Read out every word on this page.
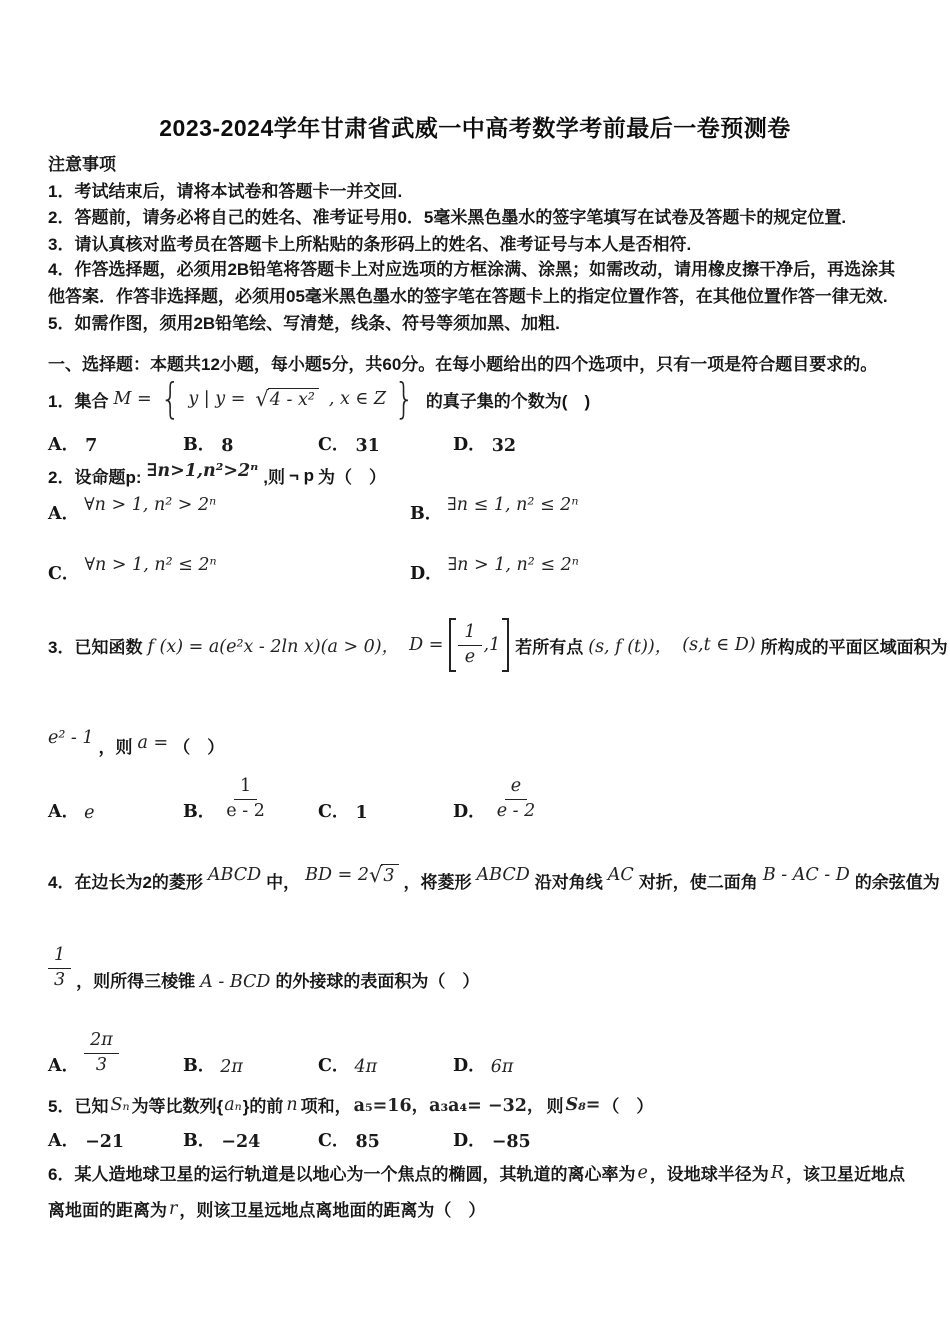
2023-2024学年甘肃省武威一中高考数学考前最后一卷预测卷
注意事项
1．考试结束后，请将本试卷和答题卡一并交回.
2．答题前，请务必将自己的姓名、准考证号用0．5毫米黑色墨水的签字笔填写在试卷及答题卡的规定位置.
3．请认真核对监考员在答题卡上所粘贴的条形码上的姓名、准考证号与本人是否相符.
4．作答选择题，必须用2B铅笔将答题卡上对应选项的方框涂满、涂黑；如需改动，请用橡皮擦干净后，再选涂其他答案．作答非选择题，必须用05毫米黑色墨水的签字笔在答题卡上的指定位置作答，在其他位置作答一律无效.
5．如需作图，须用2B铅笔绘、写清楚，线条、符号等须加黑、加粗.
一、选择题：本题共12小题，每小题5分，共60分。在每小题给出的四个选项中，只有一项是符合题目要求的。
1．集合 M = { y | y = √ 4 - x² , x ∈ Z } 的真子集的个数为(　)
A． 7	B． 8	C． 31	D． 32
2．设命题p: ∃n>1,n²>2ⁿ ,则 ¬ p 为（　）
A． ∀n > 1, n² > 2ⁿ	B． ∃n ≤ 1, n² ≤ 2ⁿ
C． ∀n > 1, n² ≤ 2ⁿ	D． ∃n > 1, n² ≤ 2ⁿ
3．已知函数 f (x) = a(e²x - 2ln x)(a > 0)， $D = \frac{1}{e} ,1$ 若所有点 (s, f (t))， (s,t ∈ D) 所构成的平面区域面积为
e² - 1 ，则 a = （　）
A． e	B． $\frac{1}{e - 2}$	C． 1	D． $\frac{e}{e - 2}$
4．在边长为2的菱形 ABCD 中， BD = 2 √ 3 ，将菱形 ABCD 沿对角线 AC 对折，使二面角 B - AC - D 的余弦值为
$\frac{1}{3}$ ，则所得三棱锥 A - BCD 的外接球的表面积为（　）
A． $\frac{2\pi}{3}$	B． 2π	C． 4π	D． 6π
5．已知 Sₙ 为等比数列{ aₙ }的前 n 项和， a₅=16，a₃a₄= −32， 则 S₈= （　）
A． −21	B． −24	C． 85	D． −85
6．某人造地球卫星的运行轨道是以地心为一个焦点的椭圆，其轨道的离心率为 e ，设地球半径为 R ，该卫星近地点
离地面的距离为 r ，则该卫星远地点离地面的距离为（　）
